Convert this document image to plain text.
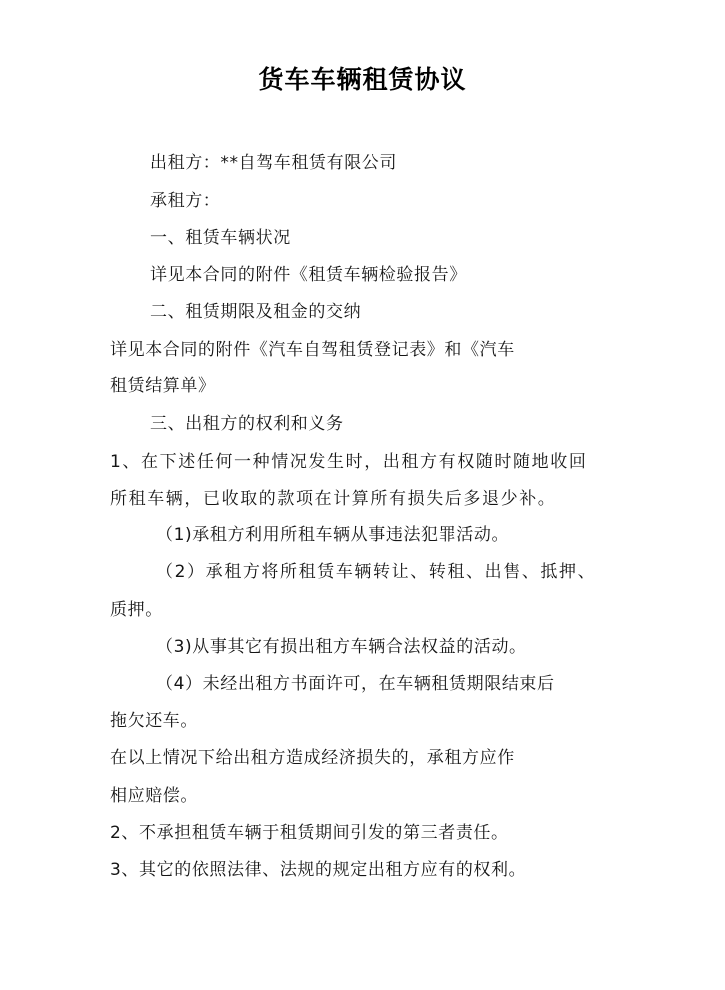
货车车辆租赁协议
出租方：**自驾车租赁有限公司
承租方：
一、租赁车辆状况
详见本合同的附件《租赁车辆检验报告》
二、租赁期限及租金的交纳
详见本合同的附件《汽车自驾租赁登记表》和《汽车
租赁结算单》
三、出租方的权利和义务
1、在下述任何一种情况发生时，出租方有权随时随地收回
所租车辆，已收取的款项在计算所有损失后多退少补。
（1)承租方利用所租车辆从事违法犯罪活动。
（2）承租方将所租赁车辆转让、转租、出售、抵押、
质押。
（3)从事其它有损出租方车辆合法权益的活动。
（4）未经出租方书面许可，在车辆租赁期限结束后
拖欠还车。
在以上情况下给出租方造成经济损失的，承租方应作
相应赔偿。
2、不承担租赁车辆于租赁期间引发的第三者责任。
3、其它的依照法律、法规的规定出租方应有的权利。
